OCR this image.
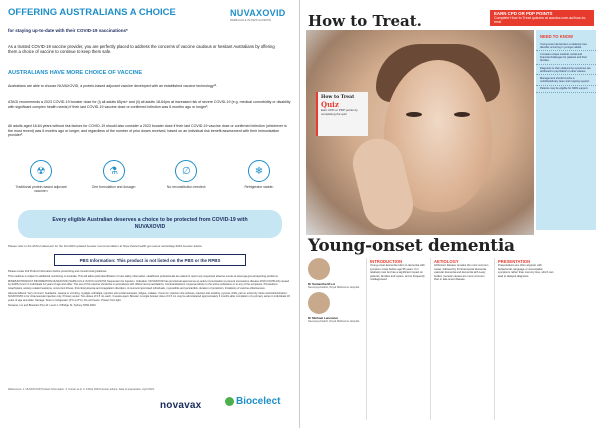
OFFERING AUSTRALIANS A CHOICE
for staying up-to-date with their COVID-19 vaccinations*
NUVAXOVID
SARS-CoV-2 rS (NVX-CoV2373)
As a trusted COVID-19 vaccine provider, you are perfectly placed to address the concerns of vaccine cautious or hesitant Australians by offering them a choice of vaccine to continue to keep them safe.
AUSTRALIANS HAVE MORE CHOICE OF VACCINE
Australians are able to choose NUVAXOVID, a protein-based adjuvant vaccine developed with an established vaccine technology¹².
ATAGI recommends a 2023 COVID-19 booster dose for (i) all adults 65yrs+ and (ii) all adults 18-64yrs at increased risk of severe COVID-19 (e.g. medical comorbidity or disability with significant complex health needs) if their last COVID-19 vaccine dose or confirmed infection was 6 months ago or longer³.
All adults aged 18-64 years without risk factors for COVID-19 should also consider a 2023 booster dose if their last COVID-19 vaccine dose or confirmed infection (whichever is the most recent) was 6 months ago or longer, and regardless of the number of prior doses received, based on an individual risk benefit assessment with their immunisation provider³.
☢
Traditional protein-based adjuvant vaccine¹²
⚗
One formulation and dosage¹
∅
No reconstitution needed¹
❄
Refrigerator stable¹
Every eligible Australian deserves a choice to be protected from COVID-19 with NUVAXOVID
Please refer to the ATAGI statement for the full 2023 updated booster recommendation at https://www.health.gov.au/our-work/atagi-2023-booster-advice
PBS Information: This product is not listed on the PBS or the RPBS

Please review Full Product Information before prescribing and consult local guidelines.

This medicine is subject to additional monitoring in Australia. This will allow quick identification of new safety information. Healthcare professionals are asked to report any suspected adverse events at www.tga.gov.au/reporting-problems.

MINIMUM PRODUCT INFORMATION NUVAXOVID (SARS-CoV-2 rS NVX-CoV2373) Suspension for injection. Indication: NUVAXOVID has provisional approval as an active immunisation to prevent coronavirus disease 2019 (COVID-19) caused by SARS-CoV-2 in individuals 12 years of age and older. The use of this vaccine should be in accordance with official recommendations. Contraindications: Hypersensitivity to the active substance or to any of the excipients. Precautions: Anaphylaxis, anxiety-related reactions, concurrent illness, thrombocytopenia and coagulation disorders, immunocompromised individuals, myocarditis and pericarditis, duration of protection, limitations of vaccine effectiveness.

Adverse Effects: Very common: headache, nausea or vomiting, myalgia, arthralgia, injection site tenderness/pain, fatigue, malaise. Common: injection site redness, injection site swelling, pyrexia, chills, pain in extremity. Dose and Administration: NUVAXOVID is for intramuscular injection only. Primary series: Two doses of 0.5 mL each, 3 weeks apart. Booster: A single booster dose of 0.5 mL may be administered approximately 3 months after completion of a primary series in individuals 18 years of age and older. Storage: Store in refrigerator (2°C to 8°C). Do not freeze. Protect from light.

Novavax, Inc and Biocelect Pty Ltd. Level 1, 6 Bridge St, Sydney NSW 2000.

References: 1. NUVAXOVID Product Information. 2. Kumar et al. 3. ATAGI 2023 booster advice. Date of preparation: April 2023.
novavax	Biocelect
How to Treat.	EARN CPD OR PDP POINTS
Complete How to Treat quizzes at ausdoc.com.au/how-to-treat
How to Treat
Quiz
Earn CPD or PDP points by completing the quiz
NEED TO KNOW
Young-onset dementia is a relatively rare disorder occurring in younger adults.
It creates unique medical, social and financial challenges for patients and their families.
Diagnosis is often delayed as symptoms are attributed to psychiatric or other causes.
Management should involve a multidisciplinary team and ongoing support.
Patients may be eligible for NDIS support.
Young-onset dementia
Dr Samantha M Loi
Neuropsychiatrist, Royal Melbourne Hospital
Dr Michael Lancaster
Neuropsychiatrist, Royal Melbourne Hospital
INTRODUCTION
Young-onset dementia refers to dementia with symptom onset before age 65 years. It is relatively rare but has a significant impact on patients, families and carers, and is frequently misdiagnosed.
AETIOLOGY
Alzheimer disease remains the most common cause, followed by frontotemporal dementia, vascular dementia and dementia with Lewy bodies. Genetic causes are more common than in late-onset disease.
PRESENTATION
Presentations are often atypical, with behavioural, language or visuospatial symptoms rather than memory loss, which can lead to delayed diagnosis.
